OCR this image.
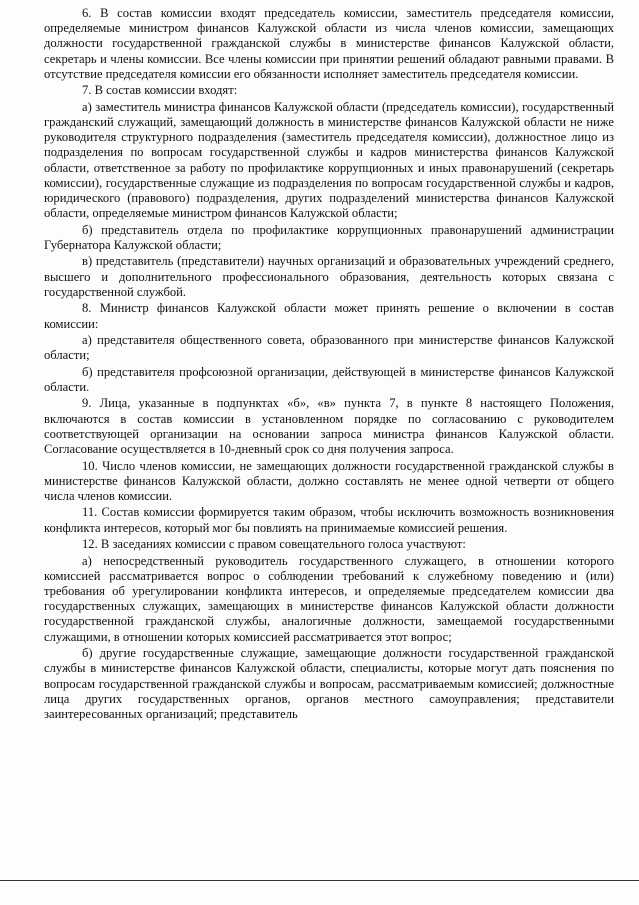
6. В состав комиссии входят председатель комиссии, заместитель председателя комиссии, определяемые министром финансов Калужской области из числа членов комиссии, замещающих должности государственной гражданской службы в министерстве финансов Калужской области, секретарь и члены комиссии. Все члены комиссии при принятии решений обладают равными правами. В отсутствие председателя комиссии его обязанности исполняет заместитель председателя комиссии.

7. В состав комиссии входят:

а) заместитель министра финансов Калужской области (председатель комиссии), государственный гражданский служащий, замещающий должность в министерстве финансов Калужской области не ниже руководителя структурного подразделения (заместитель председателя комиссии), должностное лицо из подразделения по вопросам государственной службы и кадров министерства финансов Калужской области, ответственное за работу по профилактике коррупционных и иных правонарушений (секретарь комиссии), государственные служащие из подразделения по вопросам государственной службы и кадров, юридического (правового) подразделения, других подразделений министерства финансов Калужской области, определяемые министром финансов Калужской области;

б) представитель отдела по профилактике коррупционных правонарушений администрации Губернатора Калужской области;

в) представитель (представители) научных организаций и образовательных учреждений среднего, высшего и дополнительного профессионального образования, деятельность которых связана с государственной службой.

8. Министр финансов Калужской области может принять решение о включении в состав комиссии:

а) представителя общественного совета, образованного при министерстве финансов Калужской области;

б) представителя профсоюзной организации, действующей в министерстве финансов Калужской области.

9. Лица, указанные в подпунктах «б», «в» пункта 7, в пункте 8 настоящего Положения, включаются в состав комиссии в установленном порядке по согласованию с руководителем соответствующей организации на основании запроса министра финансов Калужской области. Согласование осуществляется в 10-дневный срок со дня получения запроса.

10. Число членов комиссии, не замещающих должности государственной гражданской службы в министерстве финансов Калужской области, должно составлять не менее одной четверти от общего числа членов комиссии.

11. Состав комиссии формируется таким образом, чтобы исключить возможность возникновения конфликта интересов, который мог бы повлиять на принимаемые комиссией решения.

12. В заседаниях комиссии с правом совещательного голоса участвуют:

а) непосредственный руководитель государственного служащего, в отношении которого комиссией рассматривается вопрос о соблюдении требований к служебному поведению и (или) требования об урегулировании конфликта интересов, и определяемые председателем комиссии два государственных служащих, замещающих в министерстве финансов Калужской области должности государственной гражданской службы, аналогичные должности, замещаемой государственными служащими, в отношении которых комиссией рассматривается этот вопрос;

б) другие государственные служащие, замещающие должности государственной гражданской службы в министерстве финансов Калужской области, специалисты, которые могут дать пояснения по вопросам государственной гражданской службы и вопросам, рассматриваемым комиссией; должностные лица других государственных органов, органов местного самоуправления; представители заинтересованных организаций; представитель
